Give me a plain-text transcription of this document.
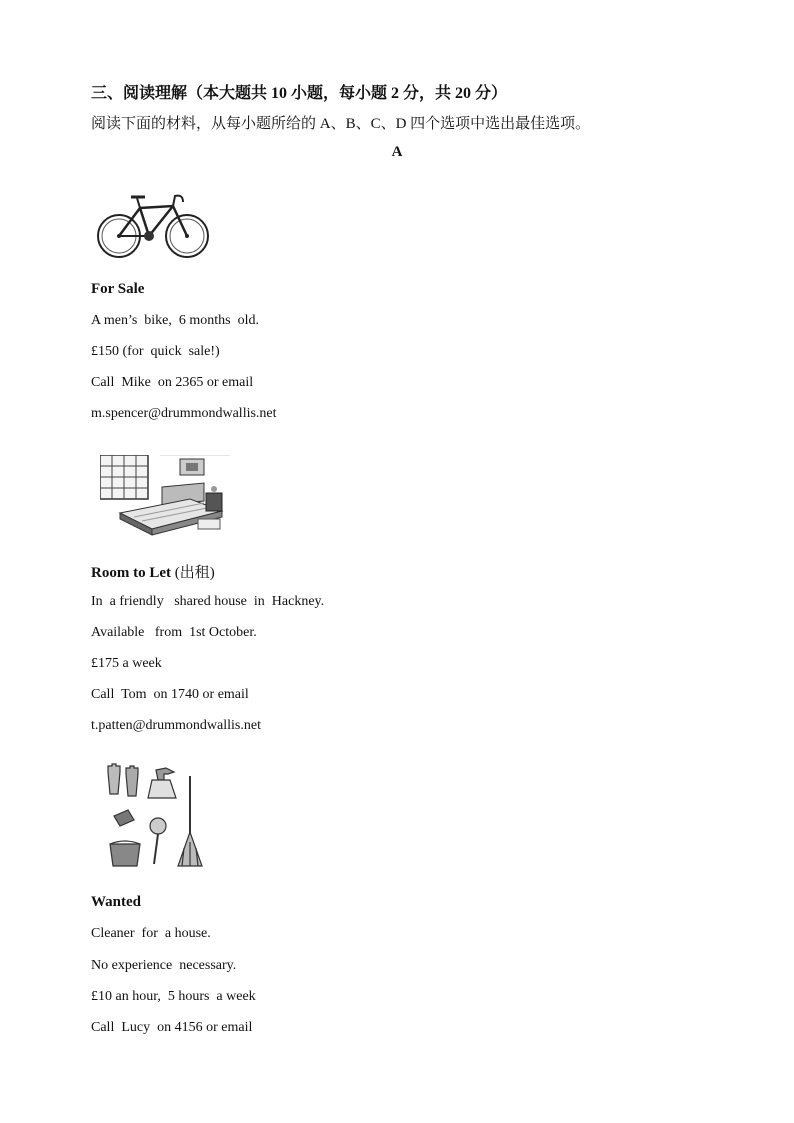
三、阅读理解（本大题共 10 小题，每小题 2 分，共 20 分）
阅读下面的材料，从每小题所给的 A、B、C、D 四个选项中选出最佳选项。
A
For Sale
A men’s  bike,  6 months  old.
£150 (for  quick  sale!)
Call  Mike  on 2365 or email
m.spencer@drummondwallis.net
Room to Let (出租)
In  a friendly   shared house  in  Hackney.
Available   from  1st October.
£175 a week
Call  Tom  on 1740 or email
t.patten@drummondwallis.net
Wanted
Cleaner  for  a house.
No experience  necessary.
£10 an hour,  5 hours  a week
Call  Lucy  on 4156 or email
